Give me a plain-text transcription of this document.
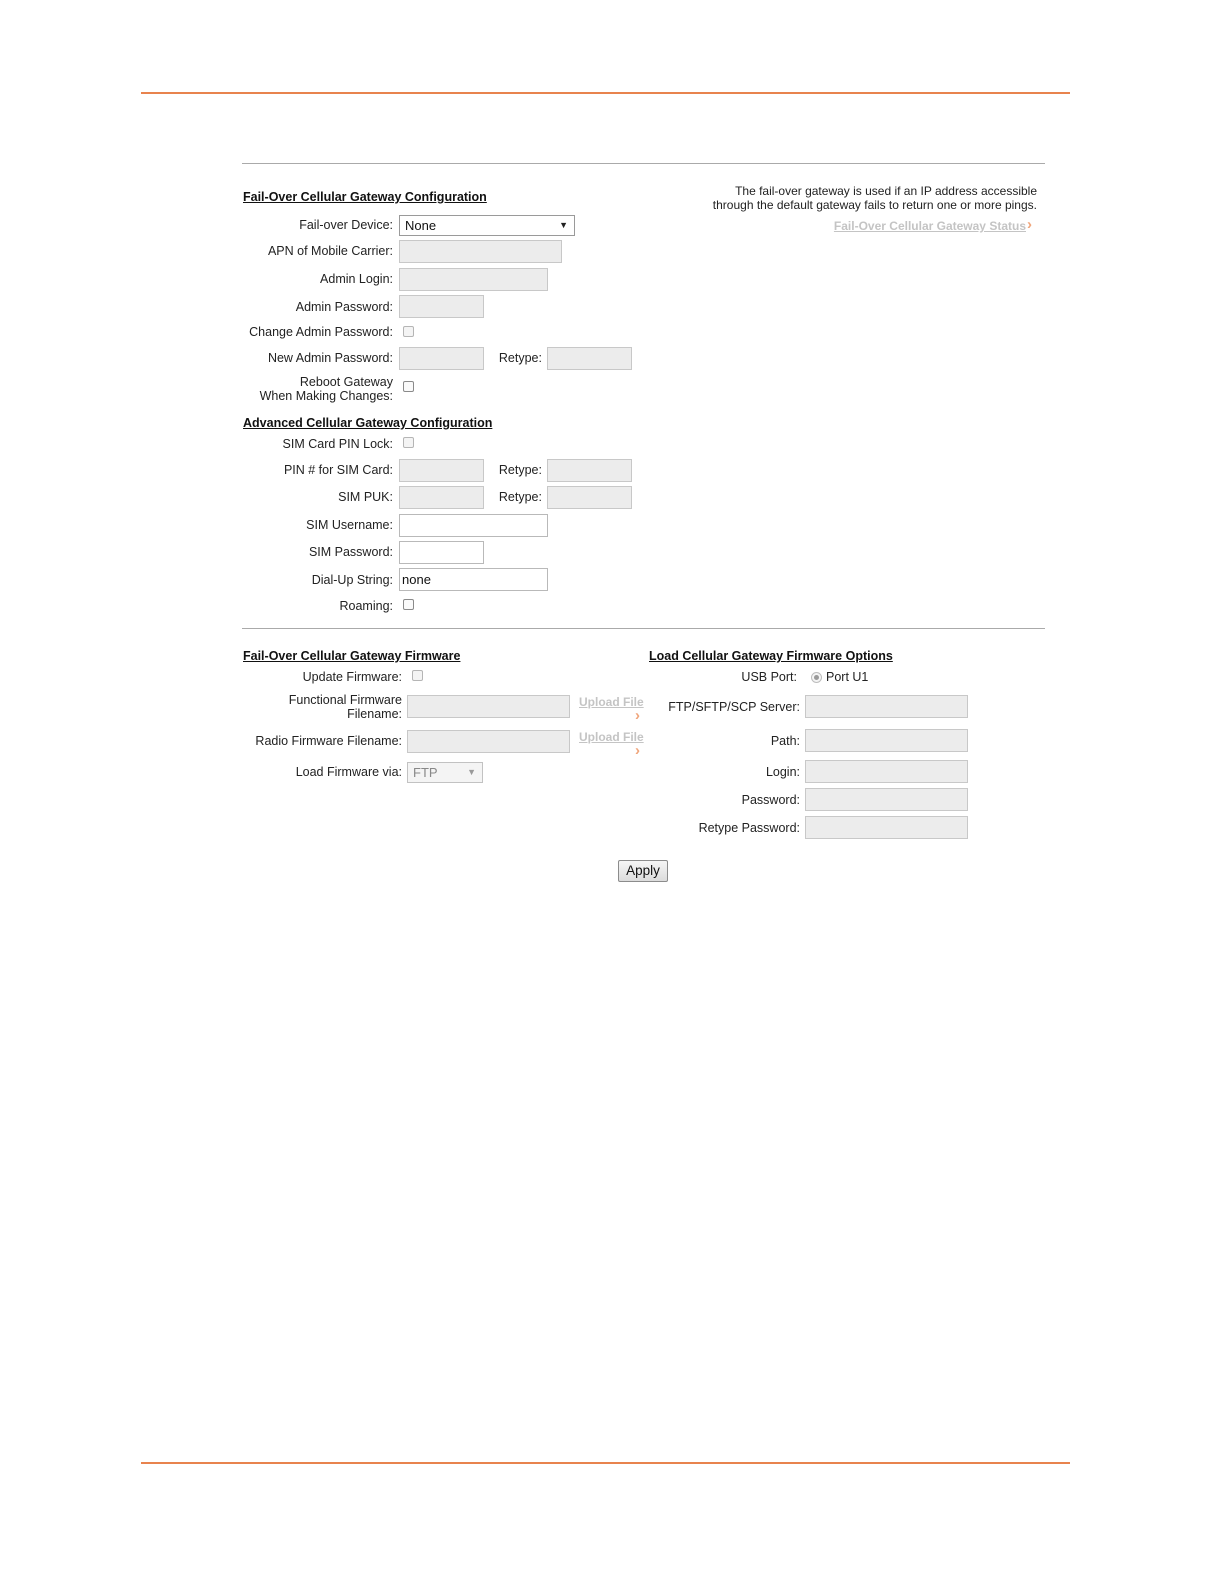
Fail-Over Cellular Gateway Configuration	The fail-over gateway is used if an IP address accessible
through the default gateway fails to return one or more pings.
Fail-Over Cellular Gateway Status ›
Fail-over Device: None	▼
APN of Mobile Carrier:
Admin Login:
Admin Password:
Change Admin Password:
New Admin Password:	Retype:
Reboot Gateway
When Making Changes:
Advanced Cellular Gateway Configuration
SIM Card PIN Lock:
PIN # for SIM Card:	Retype:
SIM PUK:	Retype:
SIM Username:
SIM Password:
Dial-Up String: none
Roaming:
Fail-Over Cellular Gateway Firmware
Update Firmware:
Functional Firmware
Filename:
Upload File
›
Radio Firmware Filename:	Upload File
›
Load Firmware via: FTP	▼
Load Cellular Gateway Firmware Options
USB Port: Port U1
FTP/SFTP/SCP Server:
Path:
Login:
Password:
Retype Password:
Apply
